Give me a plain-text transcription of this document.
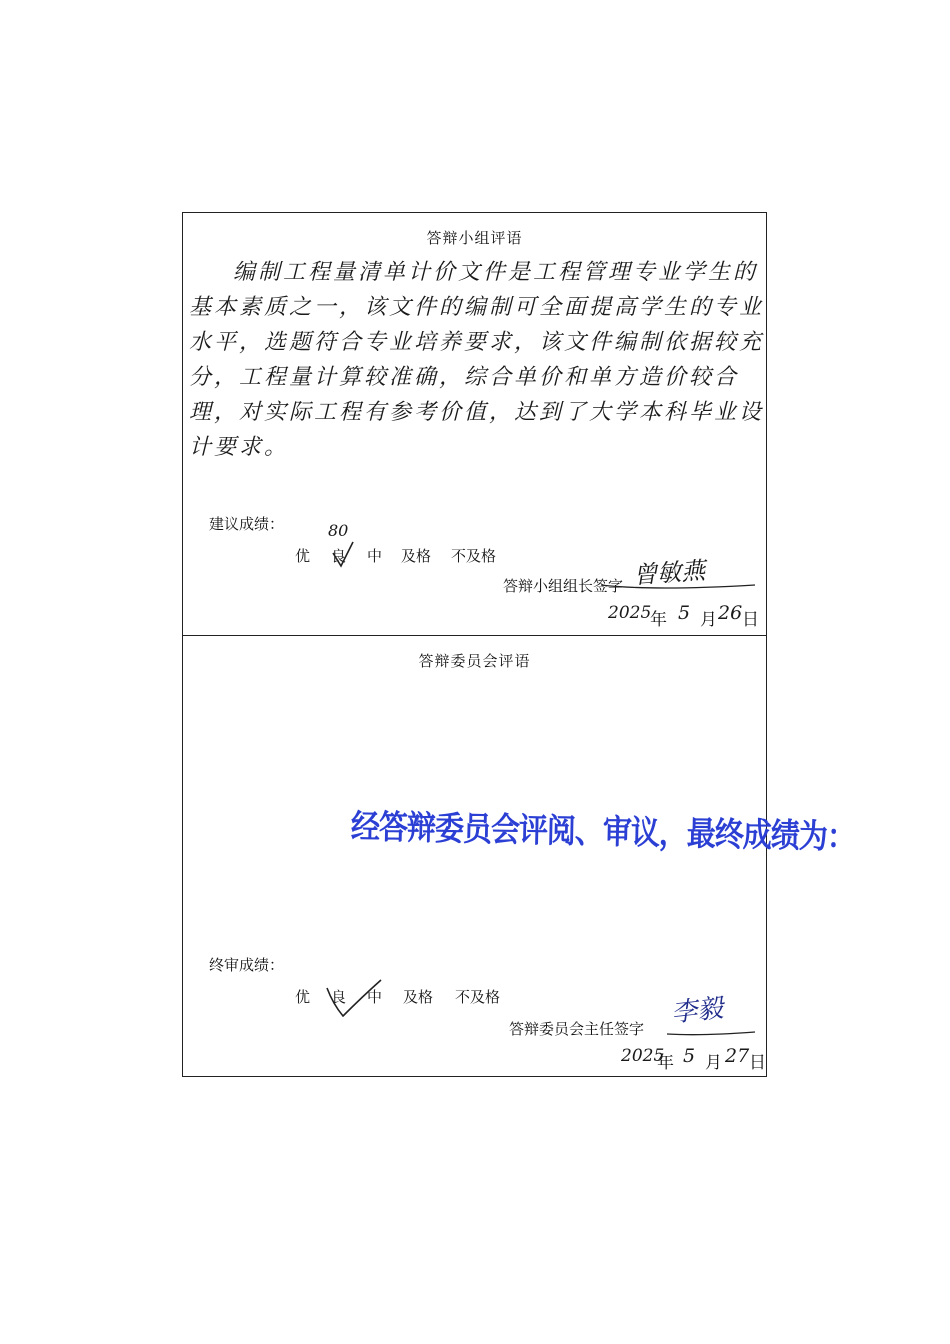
答辩小组评语
编制工程量清单计价文件是工程管理专业学生的基本素质之一，该文件的编制可全面提高学生的专业水平，选题符合专业培养要求，该文件编制依据较充分，工程量计算较准确，综合单价和单方造价较合理，对实际工程有参考价值，达到了大学本科毕业设计要求。
建议成绩：	80
优	良	中	及格	不及格
答辩小组组长签字 曾敏燕
2025
年 5 月 26 日
答辩委员会评语
经答辩委员会评阅、审议，最终成绩为：
终审成绩：
优	良	中	及格	不及格
答辩委员会主任签字
李毅
2025
年 5 月 27 日
